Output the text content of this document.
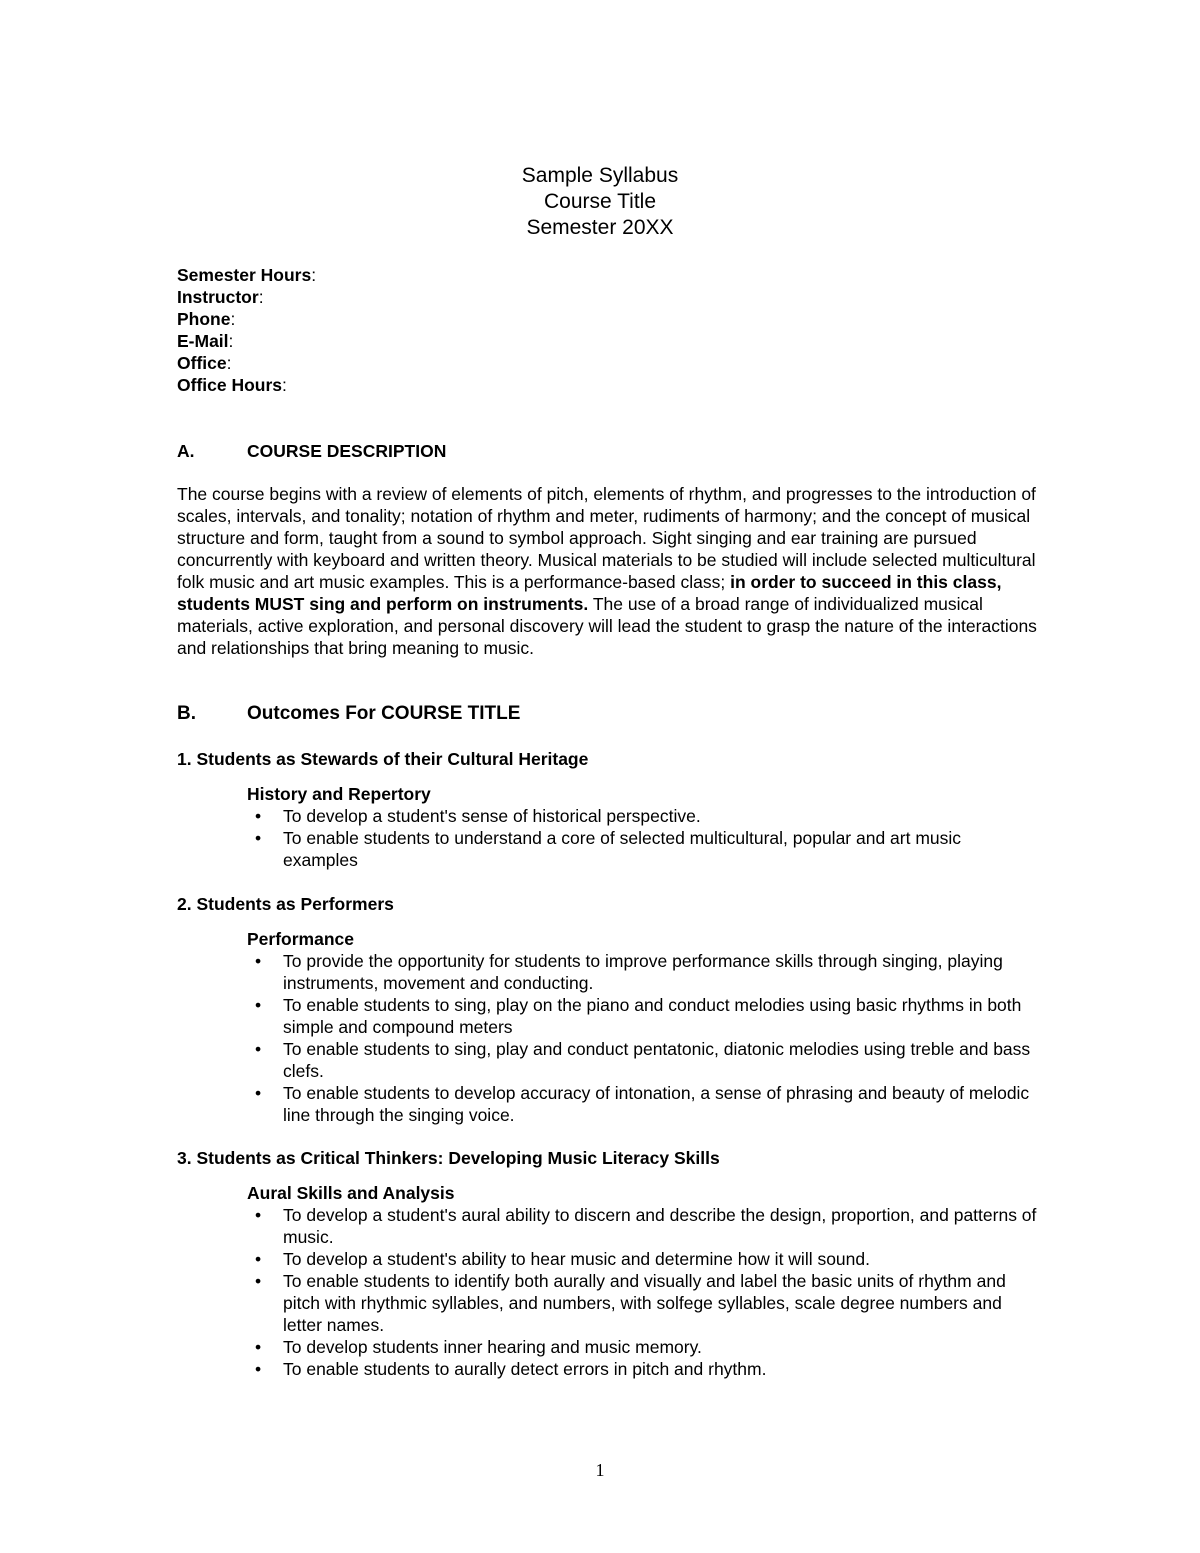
Sample Syllabus
Course Title
Semester 20XX
Semester Hours:
Instructor:
Phone:
E-Mail:
Office:
Office Hours:
A.	COURSE DESCRIPTION
The course begins with a review of elements of pitch, elements of rhythm, and progresses to the introduction of scales, intervals, and tonality; notation of rhythm and meter, rudiments of harmony; and the concept of musical structure and form, taught from a sound to symbol approach. Sight singing and ear training are pursued concurrently with keyboard and written theory. Musical materials to be studied will include selected multicultural folk music and art music examples. This is a performance-based class; in order to succeed in this class, students MUST sing and perform on instruments. The use of a broad range of individualized musical materials, active exploration, and personal discovery will lead the student to grasp the nature of the interactions and relationships that bring meaning to music.
B.	Outcomes For COURSE TITLE
1. Students as Stewards of their Cultural Heritage
History and Repertory
• To develop a student's sense of historical perspective.
• To enable students to understand a core of selected multicultural, popular and art music examples
2. Students as Performers
Performance
• To provide the opportunity for students to improve performance skills through singing, playing instruments, movement and conducting.
• To enable students to sing, play on the piano and conduct melodies using basic rhythms in both simple and compound meters
• To enable students to sing, play and conduct pentatonic, diatonic melodies using treble and bass clefs.
• To enable students to develop accuracy of intonation, a sense of phrasing and beauty of melodic line through the singing voice.
3. Students as Critical Thinkers: Developing Music Literacy Skills
Aural Skills and Analysis
• To develop a student's aural ability to discern and describe the design, proportion, and patterns of music.
• To develop a student's ability to hear music and determine how it will sound.
• To enable students to identify both aurally and visually and label the basic units of rhythm and pitch with rhythmic syllables, and numbers, with solfege syllables, scale degree numbers and letter names.
• To develop students inner hearing and music memory.
• To enable students to aurally detect errors in pitch and rhythm.
1
